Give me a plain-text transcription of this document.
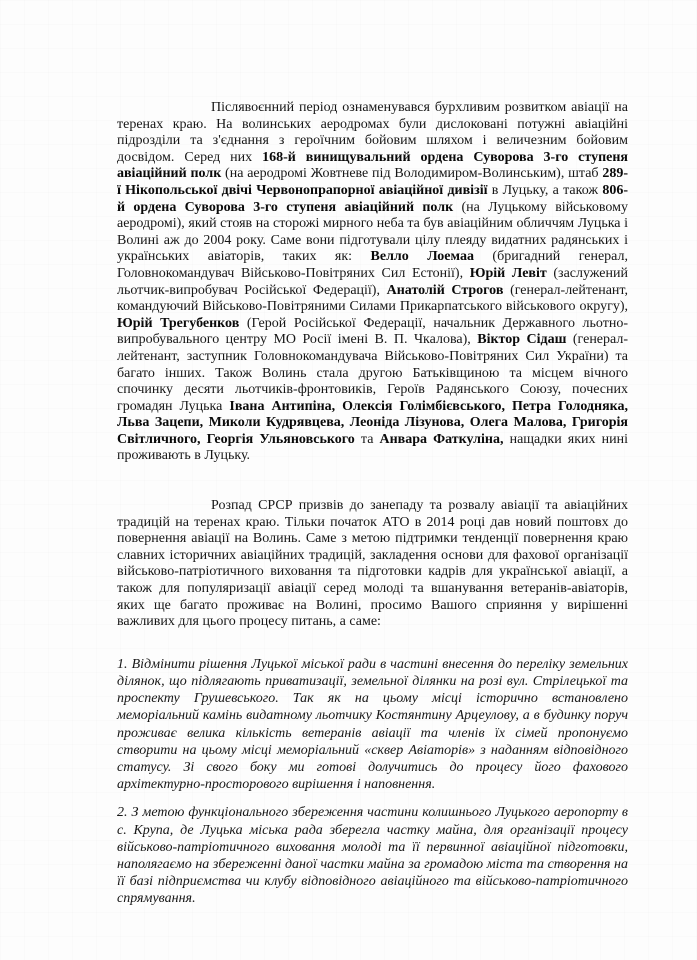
Післявоєнний період ознаменувався бурхливим розвитком авіації на теренах краю. На волинських аеродромах були дислоковані потужні авіаційні підрозділи та з'єднання з героїчним бойовим шляхом і величезним бойовим досвідом. Серед них 168-й винищувальний ордена Суворова 3-го ступеня авіаційний полк (на аеродромі Жовтневе під Володимиром-Волинським), штаб 289-ї Нікопольської двічі Червонопрапорної авіаційної дивізії в Луцьку, а також 806-й ордена Суворова 3-го ступеня авіаційний полк (на Луцькому військовому аеродромі), який стояв на сторожі мирного неба та був авіаційним обличчям Луцька і Волині аж до 2004 року. Саме вони підготували цілу плеяду видатних радянських і українських авіаторів, таких як: Велло Лоемаа (бригадний генерал, Головнокомандувач Військово-Повітряних Сил Естонії), Юрій Левіт (заслужений льотчик-випробувач Російської Федерації), Анатолій Строгов (генерал-лейтенант, командуючий Військово-Повітряними Силами Прикарпатського військового округу), Юрій Трегубенков (Герой Російської Федерації, начальник Державного льотно-випробувального центру МО Росії імені В. П. Чкалова), Віктор Сідаш (генерал-лейтенант, заступник Головнокомандувача Військово-Повітряних Сил України) та багато інших. Також Волинь стала другою Батьківщиною та місцем вічного спочинку десяти льотчиків-фронтовиків, Героїв Радянського Союзу, почесних громадян Луцька Івана Антипіна, Олексія Голімбієвського, Петра Голодняка, Льва Зацепи, Миколи Кудрявцева, Леоніда Лізунова, Олега Малова, Григорія Світличного, Георгія Ульяновського та Анвара Фаткуліна, нащадки яких нині проживають в Луцьку.

Розпад СРСР призвів до занепаду та розвалу авіації та авіаційних традицій на теренах краю. Тільки початок АТО в 2014 році дав новий поштовх до повернення авіації на Волинь. Саме з метою підтримки тенденції повернення краю славних історичних авіаційних традицій, закладення основи для фахової організації військово-патріотичного виховання та підготовки кадрів для української авіації, а також для популяризації авіації серед молоді та вшанування ветеранів-авіаторів, яких ще багато проживає на Волині, просимо Вашого сприяння у вирішенні важливих для цього процесу питань, а саме:

1. Відмінити рішення Луцької міської ради в частині внесення до переліку земельних ділянок, що підлягають приватизації, земельної ділянки на розі вул. Стрілецької та проспекту Грушевського. Так як на цьому місці історично встановлено меморіальний камінь видатному льотчику Костянтину Арцеулову, а в будинку поруч проживає велика кількість ветеранів авіації та членів їх сімей пропонуємо створити на цьому місці меморіальний «сквер Авіаторів» з наданням відповідного статусу. Зі свого боку ми готові долучитись до процесу його фахового архітектурно-просторового вирішення і наповнення.

2. З метою функціонального збереження частини колишнього Луцького аеропорту в с. Крупа, де Луцька міська рада зберегла частку майна, для організації процесу військово-патріотичного виховання молоді та її первинної авіаційної підготовки, наполягаємо на збереженні даної частки майна за громадою міста та створення на її базі підприємства чи клубу відповідного авіаційного та військово-патріотичного спрямування.
